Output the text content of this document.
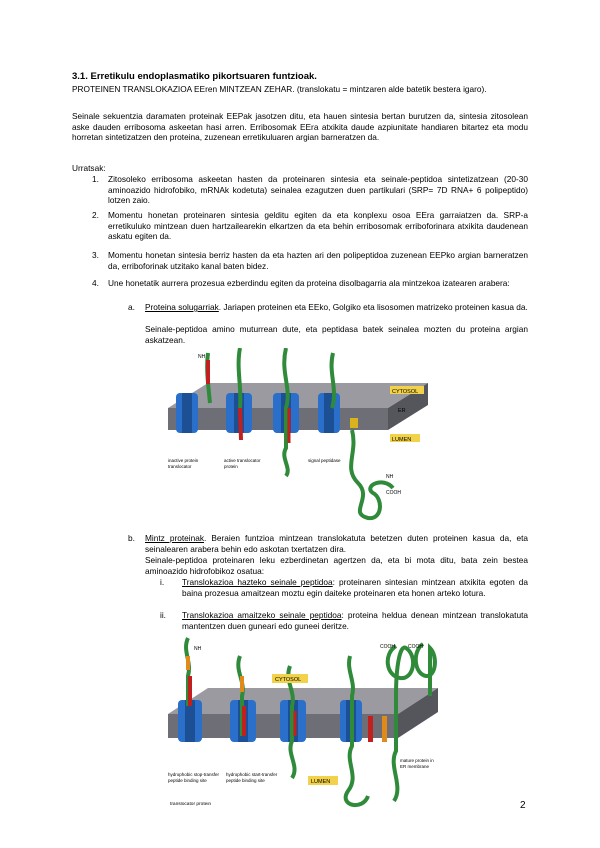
3.1. Erretikulu endoplasmatiko pikortsuaren funtzioak.
PROTEINEN TRANSLOKAZIOA EEren MINTZEAN ZEHAR. (translokatu = mintzaren alde batetik bestera igaro).
Seinale sekuentzia daramaten proteinak EEPak jasotzen ditu, eta hauen sintesia bertan burutzen da, sintesia zitosolean aske dauden erribosoma askeetan hasi arren. Erribosomak EEra atxikita daude azpiunitate handiaren bitartez eta modu horretan sintetizatzen den proteina, zuzenean erretikuluaren argian barneratzen da.
Urratsak:
1. Zitosoleko erribosoma askeetan hasten da proteinaren sintesia eta seinale-peptidoa sintetizatzean (20-30 aminoazido hidrofobiko, mRNAk kodetuta) seinalea ezagutzen duen partikulari (SRP= 7D RNA+ 6 polipeptido) lotzen zaio.
2. Momentu honetan proteinaren sintesia gelditu egiten da eta konplexu osoa EEra garraiatzen da. SRP-a erretikuluko mintzean duen hartzailearekin elkartzen da eta behin erribosomak erriboforinara atxikita daudenean askatu egiten da.
3. Momentu honetan sintesia berriz hasten da eta hazten ari den polipeptidoa zuzenean EEPko argian barneratzen da, erriboforinak utzitako kanal baten bidez.
4. Une honetatik aurrera prozesua ezberdindu egiten da proteina disolbagarria ala mintzekoa izatearen arabera:
a. Proteina solugarriak. Jariapen proteinen eta EEko, Golgiko eta lisosomen matrizeko proteinen kasua da.
Seinale-peptidoa amino muturrean dute, eta peptidasa batek seinalea mozten du proteina argian askatzean.
CYTOSOL
ER
LUMEN
NH
NH
COOH
inactive protein translocator
active translocator protein
signal peptidase
b. Mintz proteinak. Beraien funtzioa mintzean translokatuta betetzen duten proteinen kasua da, eta seinalearen arabera behin edo askotan txertatzen dira.
Seinale-peptidoa proteinaren leku ezberdinetan agertzen da, eta bi mota ditu, bata zein bestea aminoazido hidrofobikoz osatua:
i. Translokazioa hazteko seinale peptidoa: proteinaren sintesian mintzean atxikita egoten da baina prozesua amaitzean moztu egin daiteke proteinaren eta honen arteko lotura.
ii. Translokazioa amaitzeko seinale peptidoa: proteina heldua denean mintzean translokatuta mantentzen duen guneari edo guneei deritze.
CYTOSOL
LUMEN
NH	COOH	COOH
hydrophobic stop-transfer peptide binding site
hydrophobic start-transfer peptide binding site
translocator protein
mature protein in ER membrane
2
